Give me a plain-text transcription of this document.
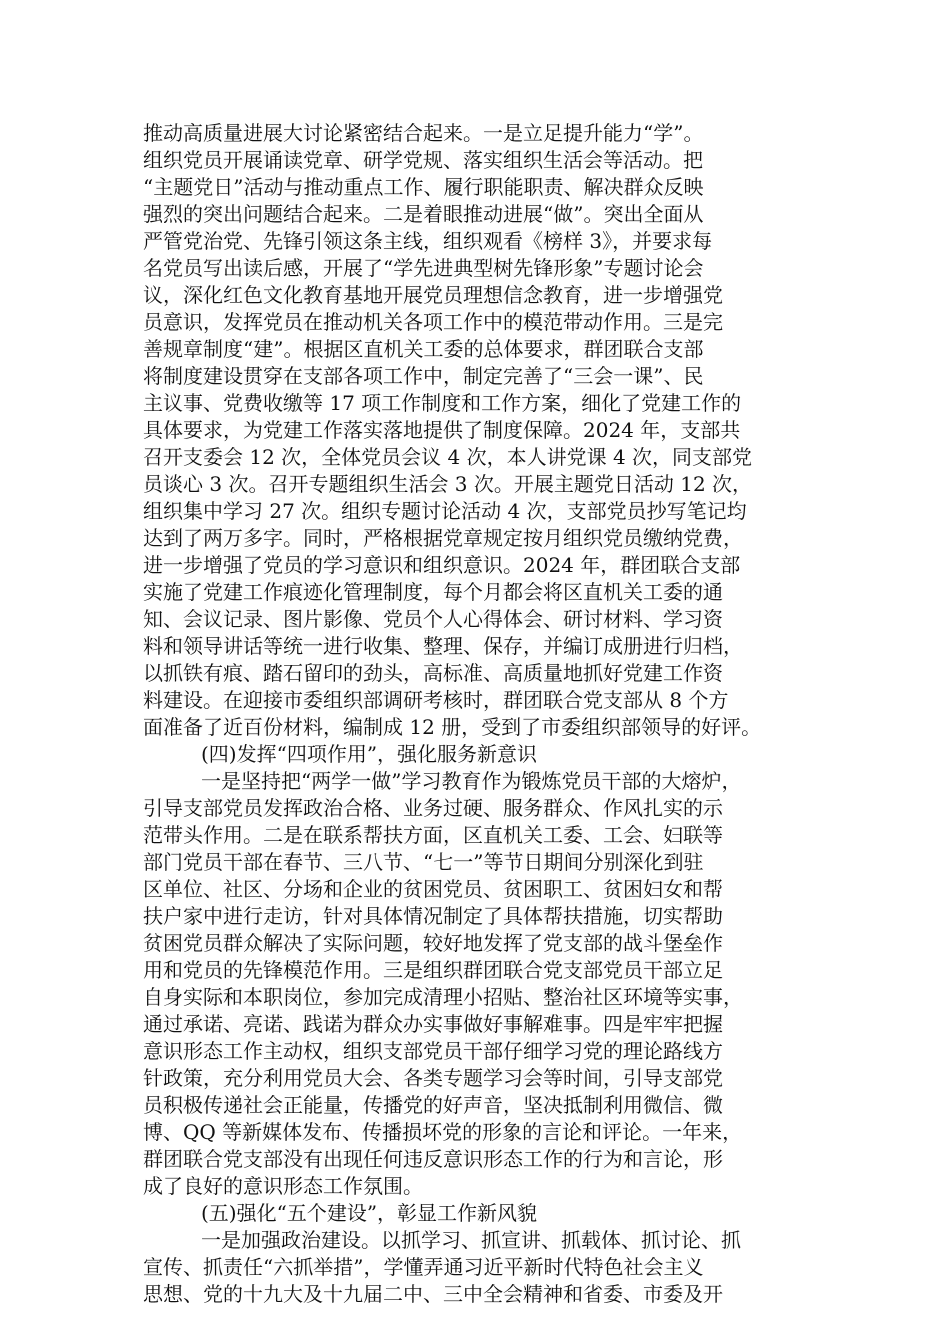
推动高质量进展大讨论紧密结合起来。一是立足提升能力“学”。
组织党员开展诵读党章、研学党规、落实组织生活会等活动。把
“主题党日”活动与推动重点工作、履行职能职责、解决群众反映
强烈的突出问题结合起来。二是着眼推动进展“做”。突出全面从
严管党治党、先锋引领这条主线，组织观看《榜样 3》，并要求每
名党员写出读后感，开展了“学先进典型树先锋形象”专题讨论会
议，深化红色文化教育基地开展党员理想信念教育，进一步增强党
员意识，发挥党员在推动机关各项工作中的模范带动作用。三是完
善规章制度“建”。根据区直机关工委的总体要求，群团联合支部
将制度建设贯穿在支部各项工作中，制定完善了“三会一课”、民
主议事、党费收缴等 17 项工作制度和工作方案，细化了党建工作的
具体要求，为党建工作落实落地提供了制度保障。2024 年，支部共
召开支委会 12 次，全体党员会议 4 次，本人讲党课 4 次，同支部党
员谈心 3 次。召开专题组织生活会 3 次。开展主题党日活动 12 次，
组织集中学习 27 次。组织专题讨论活动 4 次，支部党员抄写笔记均
达到了两万多字。同时，严格根据党章规定按月组织党员缴纳党费，
进一步增强了党员的学习意识和组织意识。2024 年，群团联合支部
实施了党建工作痕迹化管理制度，每个月都会将区直机关工委的通
知、会议记录、图片影像、党员个人心得体会、研讨材料、学习资
料和领导讲话等统一进行收集、整理、保存，并编订成册进行归档，
以抓铁有痕、踏石留印的劲头，高标准、高质量地抓好党建工作资
料建设。在迎接市委组织部调研考核时，群团联合党支部从 8 个方
面准备了近百份材料，编制成 12 册，受到了市委组织部领导的好评。
(四)发挥“四项作用”，强化服务新意识
一是坚持把“两学一做”学习教育作为锻炼党员干部的大熔炉，
引导支部党员发挥政治合格、业务过硬、服务群众、作风扎实的示
范带头作用。二是在联系帮扶方面，区直机关工委、工会、妇联等
部门党员干部在春节、三八节、“七一”等节日期间分别深化到驻
区单位、社区、分场和企业的贫困党员、贫困职工、贫困妇女和帮
扶户家中进行走访，针对具体情况制定了具体帮扶措施，切实帮助
贫困党员群众解决了实际问题，较好地发挥了党支部的战斗堡垒作
用和党员的先锋模范作用。三是组织群团联合党支部党员干部立足
自身实际和本职岗位，参加完成清理小招贴、整治社区环境等实事，
通过承诺、亮诺、践诺为群众办实事做好事解难事。四是牢牢把握
意识形态工作主动权，组织支部党员干部仔细学习党的理论路线方
针政策，充分利用党员大会、各类专题学习会等时间，引导支部党
员积极传递社会正能量，传播党的好声音，坚决抵制利用微信、微
博、QQ 等新媒体发布、传播损坏党的形象的言论和评论。一年来，
群团联合党支部没有出现任何违反意识形态工作的行为和言论，形
成了良好的意识形态工作氛围。
(五)强化“五个建设”，彰显工作新风貌
一是加强政治建设。以抓学习、抓宣讲、抓载体、抓讨论、抓
宣传、抓责任“六抓举措”，学懂弄通习近平新时代特色社会主义
思想、党的十九大及十九届二中、三中全会精神和省委、市委及开
